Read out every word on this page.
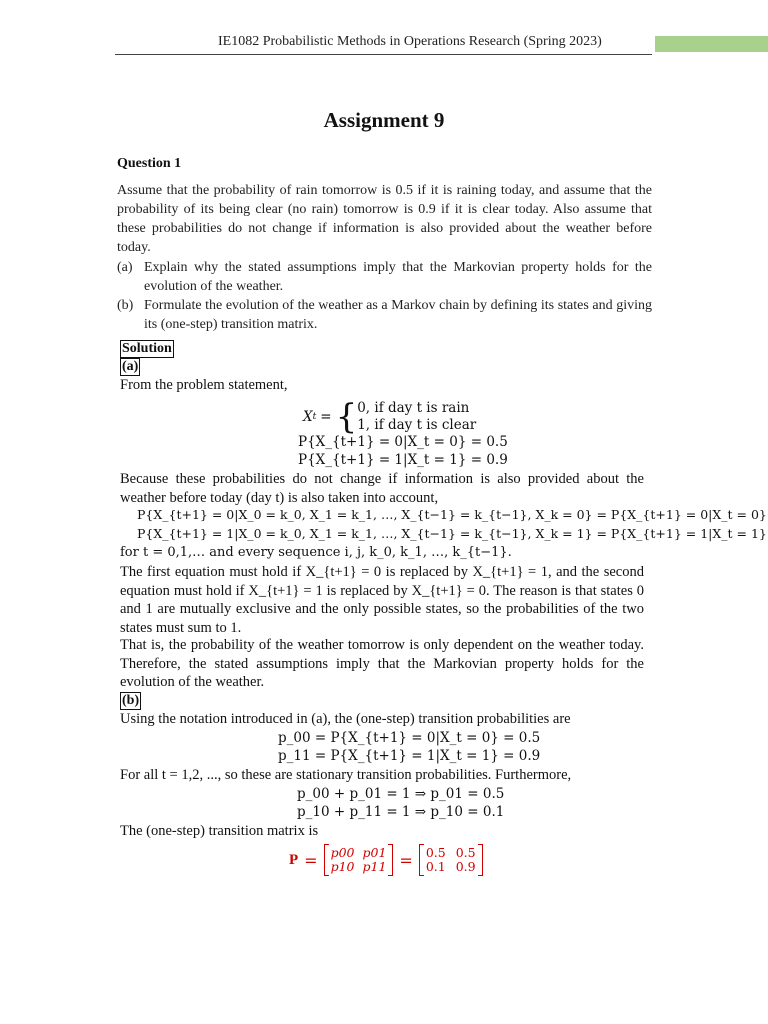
IE1082 Probabilistic Methods in Operations Research (Spring 2023)
Assignment 9
Question 1
Assume that the probability of rain tomorrow is 0.5 if it is raining today, and assume that the probability of its being clear (no rain) tomorrow is 0.9 if it is clear today. Also assume that these probabilities do not change if information is also provided about the weather before today.
(a) Explain why the stated assumptions imply that the Markovian property holds for the evolution of the weather.
(b) Formulate the evolution of the weather as a Markov chain by defining its states and giving its (one-step) transition matrix.
Solution
(a)
From the problem statement,
X t = { 0, if day t is rain
1, if day t is clear
P{X_{t+1} = 0|X_t = 0} = 0.5
P{X_{t+1} = 1|X_t = 1} = 0.9
Because these probabilities do not change if information is also provided about the weather before today (day t) is also taken into account,
P{X_{t+1} = 0|X_0 = k_0, X_1 = k_1, …, X_{t−1} = k_{t−1}, X_k = 0} = P{X_{t+1} = 0|X_t = 0}
P{X_{t+1} = 1|X_0 = k_0, X_1 = k_1, …, X_{t−1} = k_{t−1}, X_k = 1} = P{X_{t+1} = 1|X_t = 1}
for t = 0,1,… and every sequence i, j, k_0, k_1, …, k_{t−1}.
The first equation must hold if X_{t+1} = 0 is replaced by X_{t+1} = 1, and the second equation must hold if X_{t+1} = 1 is replaced by X_{t+1} = 0. The reason is that states 0 and 1 are mutually exclusive and the only possible states, so the probabilities of the two states must sum to 1.
That is, the probability of the weather tomorrow is only dependent on the weather today. Therefore, the stated assumptions imply that the Markovian property holds for the evolution of the weather.
(b)
Using the notation introduced in (a), the (one-step) transition probabilities are
p_00 = P{X_{t+1} = 0|X_t = 0} = 0.5
p_11 = P{X_{t+1} = 1|X_t = 1} = 0.9
For all t = 1,2, ..., so these are stationary transition probabilities. Furthermore,
p_00 + p_01 = 1 ⇒ p_01 = 0.5
p_10 + p_11 = 1 ⇒ p_10 = 0.1
The (one-step) transition matrix is
P = p00 p01
p10 p11 = 0.5 0.5
0.1 0.9
